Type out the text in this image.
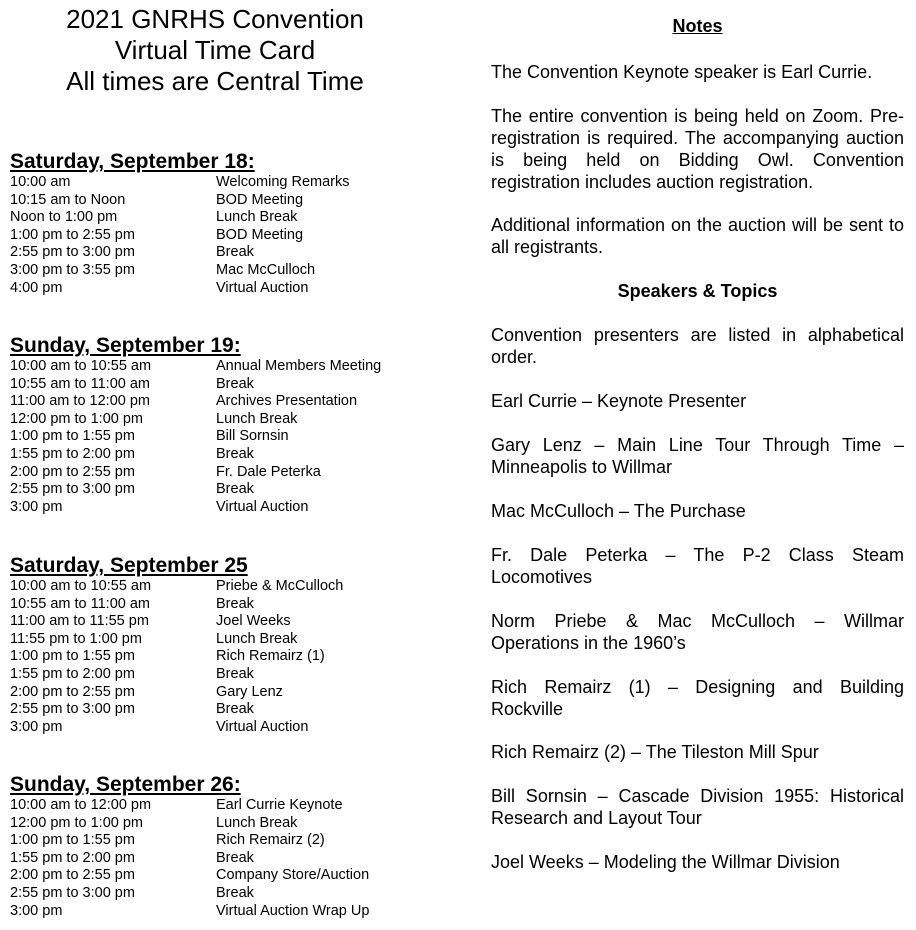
2021 GNRHS Convention
Virtual Time Card
All times are Central Time
Saturday, September 18:
10:00 am	Welcoming Remarks
10:15 am to Noon	BOD Meeting
Noon to 1:00 pm	Lunch Break
1:00 pm to 2:55 pm	BOD Meeting
2:55 pm to 3:00 pm	Break
3:00 pm to 3:55 pm	Mac McCulloch
4:00 pm	Virtual Auction
Sunday, September 19:
10:00 am to 10:55 am	Annual Members Meeting
10:55 am to 11:00 am	Break
11:00 am to 12:00 pm	Archives Presentation
12:00 pm to 1:00 pm	Lunch Break
1:00 pm to 1:55 pm	Bill Sornsin
1:55 pm to 2:00 pm	Break
2:00 pm to 2:55 pm	Fr. Dale Peterka
2:55 pm to 3:00 pm	Break
3:00 pm	Virtual Auction
Saturday, September 25
10:00 am to 10:55 am	Priebe & McCulloch
10:55 am to 11:00 am	Break
11:00 am to 11:55 pm	Joel Weeks
11:55 pm to 1:00 pm	Lunch Break
1:00 pm to 1:55 pm	Rich Remairz (1)
1:55 pm to 2:00 pm	Break
2:00 pm to 2:55 pm	Gary Lenz
2:55 pm to 3:00 pm	Break
3:00 pm	Virtual Auction
Sunday, September 26:
10:00 am to 12:00 pm	Earl Currie Keynote
12:00 pm to 1:00 pm	Lunch Break
1:00 pm to 1:55 pm	Rich Remairz (2)
1:55 pm to 2:00 pm	Break
2:00 pm to 2:55 pm	Company Store/Auction
2:55 pm to 3:00 pm	Break
3:00 pm	Virtual Auction Wrap Up
Notes
The Convention Keynote speaker is Earl Currie.
The entire convention is being held on Zoom. Pre-registration is required. The accompanying auction is being held on Bidding Owl. Convention registration includes auction registration.
Additional information on the auction will be sent to all registrants.
Speakers & Topics
Convention presenters are listed in alphabetical order.
Earl Currie – Keynote Presenter
Gary Lenz – Main Line Tour Through Time – Minneapolis to Willmar
Mac McCulloch – The Purchase
Fr. Dale Peterka – The P-2 Class Steam Locomotives
Norm Priebe & Mac McCulloch – Willmar Operations in the 1960’s
Rich Remairz (1) – Designing and Building Rockville
Rich Remairz (2) – The Tileston Mill Spur
Bill Sornsin – Cascade Division 1955: Historical Research and Layout Tour
Joel Weeks – Modeling the Willmar Division
